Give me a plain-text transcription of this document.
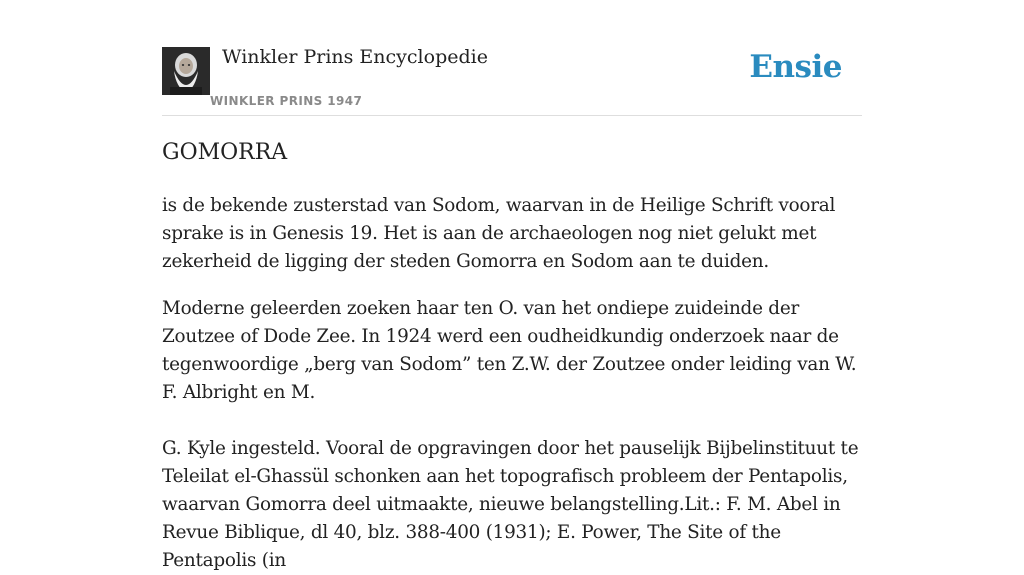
Winkler Prins Encyclopedie
WINKLER PRINS 1947
Ensie
GOMORRA

is de bekende zusterstad van Sodom, waarvan in de Heilige Schrift vooral sprake is in Genesis 19. Het is aan de archaeologen nog niet gelukt met zekerheid de ligging der steden Gomorra en Sodom aan te duiden.

Moderne geleerden zoeken haar ten O. van het ondiepe zuideinde der Zoutzee of Dode Zee. In 1924 werd een oudheidkundig onderzoek naar de tegenwoordige „berg van Sodom” ten Z.W. der Zoutzee onder leiding van W. F. Albright en M.

G. Kyle ingesteld. Vooral de opgravingen door het pauselijk Bijbelinstituut te Teleilat el-Ghassül schonken aan het topografisch probleem der Pentapolis, waarvan Gomorra deel uitmaakte, nieuwe belangstelling.Lit.: F. M. Abel in Revue Biblique, dl 40, blz. 388-400 (1931); E. Power, The Site of the Pentapolis (in
